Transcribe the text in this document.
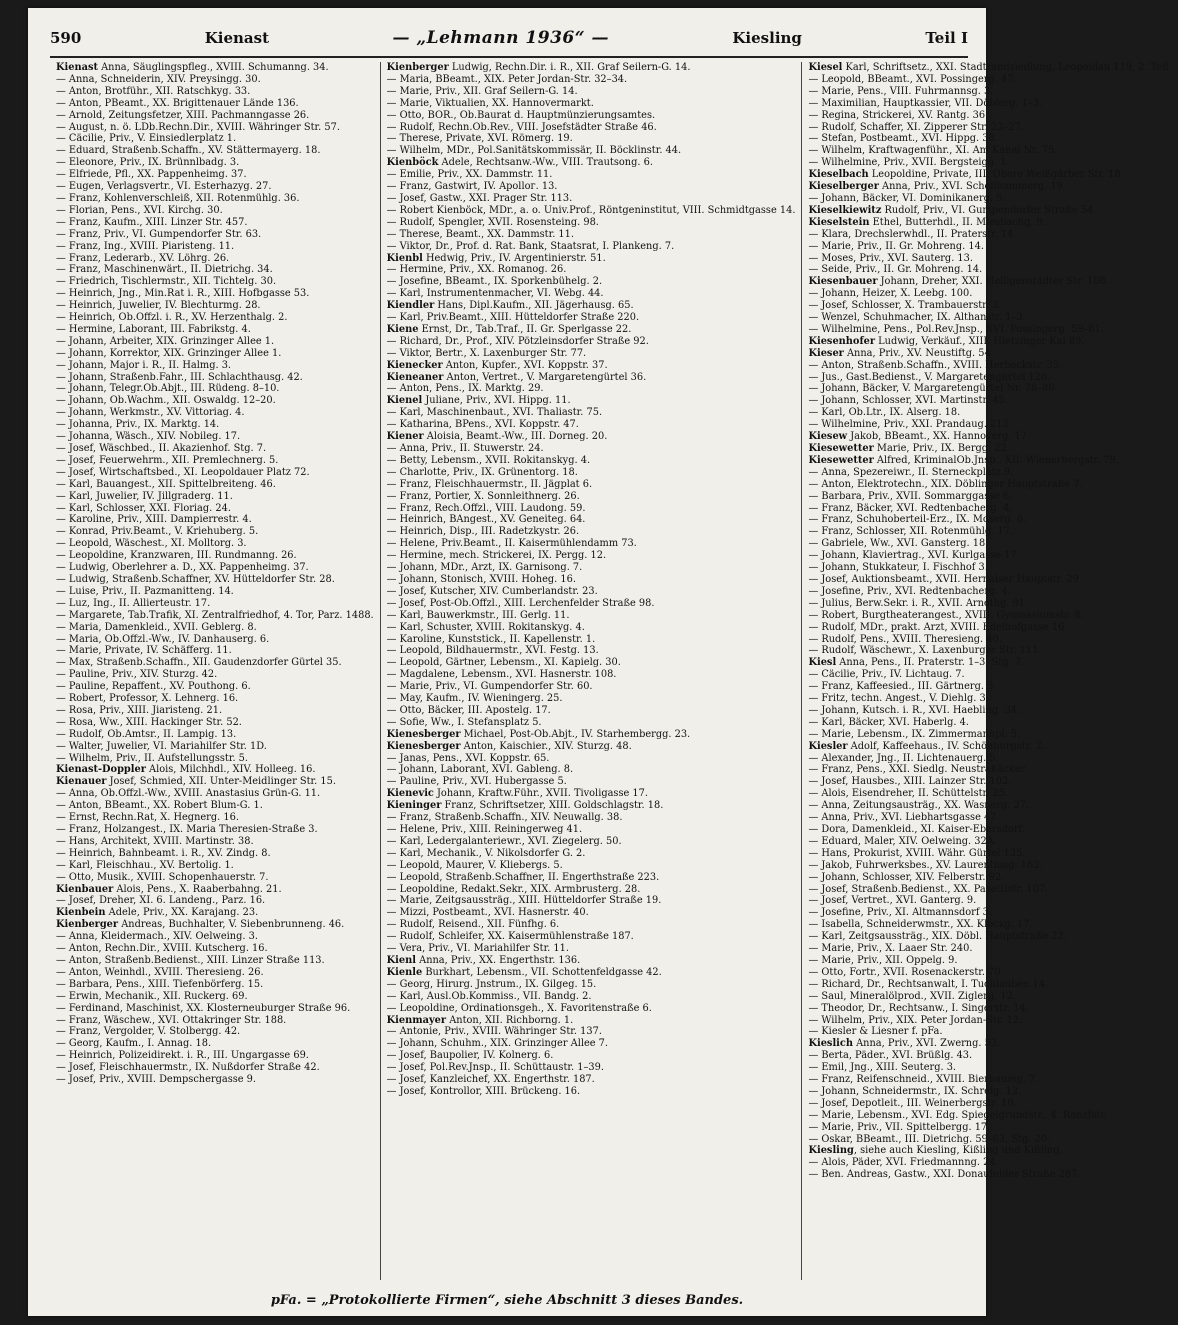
590	Kienast	— „Lehmann 1936“ —	Kiesling	Teil I

Kienast Anna, Säuglingspfleg., XVIII. Schumanng. 34.

— Anna, Schneiderin, XIV. Preysingg. 30.

— Anton, Brotführ., XII. Ratschkyg. 33.

— Anton, PBeamt., XX. Brigittenauer Lände 136.

— Arnold, Zeitungsfetzer, XIII. Pachmanngasse 26.

— August, n. ö. LDb.Rechn.Dir., XVIII. Währinger Str. 57.

— Cäcilie, Priv., V. Einsiedlerplatz 1.

— Eduard, Straßenb.Schaffn., XV. Stättermayerg. 18.

— Eleonore, Priv., IX. Brünnlbadg. 3.

— Elfriede, Pfl., XX. Pappenheimg. 37.

— Eugen, Verlagsvertr., VI. Esterhazyg. 27.

— Franz, Kohlenverschleiß, XII. Rotenmühlg. 36.

— Florian, Pens., XVI. Kirchg. 30.

— Franz, Kaufm., XIII. Linzer Str. 457.

— Franz, Priv., VI. Gumpendorfer Str. 63.

— Franz, Ing., XVIII. Piaristeng. 11.

— Franz, Lederarb., XV. Löhrg. 26.

— Franz, Maschinenwärt., II. Dietrichg. 34.

— Friedrich, Tischlermstr., XII. Tichtelg. 30.

— Heinrich, Jng., Min.Rat i. R., XIII. Hofbgasse 53.

— Heinrich, Juwelier, IV. Blechturmg. 28.

— Heinrich, Ob.Offzl. i. R., XV. Herzenthalg. 2.

— Hermine, Laborant, III. Fabrikstg. 4.

— Johann, Arbeiter, XIX. Grinzinger Allee 1.

— Johann, Korrektor, XIX. Grinzinger Allee 1.

— Johann, Major i. R., II. Halmg. 3.

— Johann, Straßenb.Fahr., III. Schlachthausg. 42.

— Johann, Telegr.Ob.Abjt., III. Rüdeng. 8–10.

— Johann, Ob.Wachm., XII. Oswaldg. 12–20.

— Johann, Werkmstr., XV. Vittoriag. 4.

— Johanna, Priv., IX. Marktg. 14.

— Johanna, Wäsch., XIV. Nobileg. 17.

— Josef, Wäschbed., II. Akazienhof. Stg. 7.

— Josef, Feuerwehrm., XII. Premlechnerg. 5.

— Josef, Wirtschaftsbed., XI. Leopoldauer Platz 72.

— Karl, Bauangest., XII. Spittelbreiteng. 46.

— Karl, Juwelier, IV. Jillgraderg. 11.

— Karl, Schlosser, XXI. Floriag. 24.

— Karoline, Priv., XIII. Dampierrestr. 4.

— Konrad, Priv.Beamt., V. Kriehuberg. 5.

— Leopold, Wäschest., XI. Molltorg. 3.

— Leopoldine, Kranzwaren, III. Rundmanng. 26.

— Ludwig, Oberlehrer a. D., XX. Pappenheimg. 37.

— Ludwig, Straßenb.Schaffner, XV. Hütteldorfer Str. 28.

— Luise, Priv., II. Pazmanitteng. 14.

— Luz, Ing., II. Allierteustr. 17.

— Margarete, Tab.Trafik, XI. Zentralfriedhof, 4. Tor, Parz. 1488.

— Maria, Damenkleid., XVII. Geblerg. 8.

— Maria, Ob.Offzl.-Ww., IV. Danhauserg. 6.

— Marie, Private, IV. Schäfferg. 11.

— Max, Straßenb.Schaffn., XII. Gaudenzdorfer Gürtel 35.

— Pauline, Priv., XIV. Sturzg. 42.

— Pauline, Repaffent., XV. Pouthong. 6.

— Robert, Professor, X. Lehnerg. 16.

— Rosa, Priv., XIII. Jiaristeng. 21.

— Rosa, Ww., XIII. Hackinger Str. 52.

— Rudolf, Ob.Amtsr., II. Lampig. 13.

— Walter, Juwelier, VI. Mariahilfer Str. 1D.

— Wilhelm, Priv., II. Aufstellungsstr. 5.

Kienast-Doppler Alois, Milchhdl., XIV. Holleeg. 16.

Kienauer Josef, Schmied, XII. Unter-Meidlinger Str. 15.

— Anna, Ob.Offzl.-Ww., XVIII. Anastasius Grün-G. 11.

— Anton, BBeamt., XX. Robert Blum-G. 1.

— Ernst, Rechn.Rat, X. Hegnerg. 16.

— Franz, Holzangest., IX. Maria Theresien-Straße 3.

— Hans, Architekt, XVIII. Martinstr. 38.

— Heinrich, Bahnbeamt. i. R., XV. Zindg. 8.

— Karl, Fleischhau., XV. Bertolig. 1.

— Otto, Musik., XVIII. Schopenhauerstr. 7.

Kienbauer Alois, Pens., X. Raaberbahng. 21.

— Josef, Dreher, XI. 6. Landeng., Parz. 16.

Kienbein Adele, Priv., XX. Karajang. 23.

Kienberger Andreas, Buchhalter, V. Siebenbrunneng. 46.

— Anna, Kleidermach., XIV. Oelweing. 3.

— Anton, Rechn.Dir., XVIII. Kutscherg. 16.

— Anton, Straßenb.Bedienst., XIII. Linzer Straße 113.

— Anton, Weinhdl., XVIII. Theresieng. 26.

— Barbara, Pens., XIII. Tiefenbörferg. 15.

— Erwin, Mechanik., XII. Ruckerg. 69.

— Ferdinand, Maschinist, XX. Klosterneuburger Straße 96.

— Franz, Wäschew., XVI. Ottakringer Str. 188.

— Franz, Vergolder, V. Stolbergg. 42.

— Georg, Kaufm., I. Annag. 18.

— Heinrich, Polizeidirekt. i. R., III. Ungargasse 69.

— Josef, Fleischhauermstr., IX. Nußdorfer Straße 42.

— Josef, Priv., XVIII. Dempschergasse 9.

Kienberger Ludwig, Rechn.Dir. i. R., XII. Graf Seilern-G. 14.

— Maria, BBeamt., XIX. Peter Jordan-Str. 32–34.

— Marie, Priv., XII. Graf Seilern-G. 14.

— Marie, Viktualien, XX. Hannovermarkt.

— Otto, BOR., Ob.Baurat d. Hauptmünzierungsamtes.

— Rudolf, Rechn.Ob.Rev., VIII. Josefstädter Straße 46.

— Therese, Private, XVI. Römerg. 19.

— Wilhelm, MDr., Pol.Sanitätskommissär, II. Böcklinstr. 44.

Kienböck Adele, Rechtsanw.-Ww., VIII. Trautsong. 6.

— Emilie, Priv., XX. Dammstr. 11.

— Franz, Gastwirt, IV. Apolloг. 13.

— Josef, Gastw., XXI. Prager Str. 113.

— Robert Kienböck, MDr., a. o. Univ.Prof., Röntgeninstitut, VIII. Schmidtgasse 14.

— Rudolf, Spengler, XVII. Rosensteing. 98.

— Therese, Beamt., XX. Dammstr. 11.

— Viktor, Dr., Prof. d. Rat. Bank, Staatsrat, I. Plankeng. 7.

Kienbl Hedwig, Priv., IV. Argentinierstr. 51.

— Hermine, Priv., XX. Romanog. 26.

— Josefine, BBeamt., IX. Sporkenbühelg. 2.

— Karl, Instrumentenmacher, VI. Webg. 44.

Kiendler Hans, Dipl.Kaufm., XII. Jägerhausg. 65.

— Karl, Priv.Beamt., XIII. Hütteldorfer Straße 220.

Kiene Ernst, Dr., Tab.Traf., II. Gr. Sperlgasse 22.

— Richard, Dr., Prof., XIV. Pötzleinsdorfer Straße 92.

— Viktor, Bertr., X. Laxenburger Str. 77.

Kienecker Anton, Kupfer., XVI. Koppstr. 37.

Kieneaner Anton, Vertret., V. Margaretengürtel 36.

— Anton, Pens., IX. Marktg. 29.

Kienel Juliane, Priv., XVI. Hippg. 11.

— Karl, Maschinenbaut., XVI. Thaliastr. 75.

— Katharina, BPens., XVI. Koppstr. 47.

Kiener Aloisia, Beamt.-Ww., III. Dorneg. 20.

— Anna, Priv., II. Stuwerstr. 24.

— Betty, Lebensm., XVII. Rokitanskyg. 4.

— Charlotte, Priv., IX. Grünentorg. 18.

— Franz, Fleischhauermstr., II. Jägplat 6.

— Franz, Portier, X. Sonnleithnerg. 26.

— Franz, Rech.Offzl., VIII. Laudong. 59.

— Heinrich, BAngest., XV. Geneiteg. 64.

— Heinrich, Disp., III. Radetzkystr. 26.

— Helene, Priv.Beamt., II. Kaisermühlendamm 73.

— Hermine, mech. Strickerei, IX. Pergg. 12.

— Johann, MDr., Arzt, IX. Garnisong. 7.

— Johann, Stonisch, XVIII. Hoheg. 16.

— Josef, Kutscher, XIV. Cumberlandstr. 23.

— Josef, Post-Ob.Offzl., XIII. Lerchenfelder Straße 98.

— Karl, Bauwerkmstr., III. Gerlg. 11.

— Karl, Schuster, XVIII. Rokitanskyg. 4.

— Karoline, Kunststick., II. Kapellenstr. 1.

— Leopold, Bildhauermstr., XVI. Festg. 13.

— Leopold, Gärtner, Lebensm., XI. Kapielg. 30.

— Magdalene, Lebensm., XVI. Hasnerstr. 108.

— Marie, Priv., VI. Gumpendorfer Str. 60.

— May, Kaufm., IV. Wieningerg. 25.

— Otto, Bäcker, III. Apostelg. 17.

— Sofie, Ww., I. Stefansplatz 5.

Kienesberger Michael, Post-Ob.Abjt., IV. Starhembergg. 23.

Kienesberger Anton, Kaischier., XIV. Sturzg. 48.

— Janas, Pens., XVI. Koppstr. 65.

— Johann, Laborant, XVI. Gableng. 8.

— Pauline, Priv., XVI. Hubergasse 5.

Kienevic Johann, Kraftw.Führ., XVII. Tivoligasse 17.

Kieninger Franz, Schriftsetzer, XIII. Goldschlagstr. 18.

— Franz, Straßenb.Schaffn., XIV. Neuwallg. 38.

— Helene, Priv., XIII. Reiningerweg 41.

— Karl, Ledergalanteriewr., XVI. Ziegelerg. 50.

— Karl, Mechanik., V. Nikolsdorfer G. 2.

— Leopold, Maurer, V. Kliebergs. 5.

— Leopold, Straßenb.Schaffner, II. Engerthstraße 223.

— Leopoldine, Redakt.Sekr., XIX. Armbrusterg. 28.

— Marie, Zeitgsaussträg., XIII. Hütteldorfer Straße 19.

— Mizzi, Postbeamt., XVI. Hasnerstr. 40.

— Rudolf, Reisend., XII. Fünfhg. 6.

— Rudolf, Schleifer, XX. Kaisermühlenstraße 187.

— Vera, Priv., VI. Mariahilfer Str. 11.

Kienl Anna, Priv., XX. Engerthstr. 136.

Kienle Burkhart, Lebensm., VII. Schottenfeldgasse 42.

— Georg, Hirurg. Jnstrum., IX. Gilgeg. 15.

— Karl, Ausl.Ob.Kommiss., VII. Bandg. 2.

— Leopoldine, Ordinationsgeh., X. Favoritenstraße 6.

Kienmayer Anton, XII. Richborng. 1.

— Antonie, Priv., XVIII. Währinger Str. 137.

— Johann, Schuhm., XIX. Grinzinger Allee 7.

— Josef, Baupolier, IV. Kolnerg. 6.

— Josef, Pol.Rev.Jnsp., II. Schüttaustr. 1–39.

— Josef, Kanzleichef, XX. Engerthstr. 187.

— Josef, Kontrollor, XIII. Brückeng. 16.

Kiesel Karl, Schriftsetz., XXI. Stadtrandsiedlung, Leopoldau 119, 2. Teil.

— Leopold, BBeamt., XVI. Possingerg. 47.

— Marie, Pens., VIII. Fuhrmannsg. 3.

— Maximilian, Hauptkassier, VII. Döblerg. 1–3.

— Regina, Strickerei, XV. Rantg. 36.

— Rudolf, Schaffer, XI. Zipperer Str. 23–27.

— Stefan, Postbeamt., XVI. Hippg. 38.

— Wilhelm, Kraftwagenführ., XI. Am Kanal Nr. 75.

— Wilhelmine, Priv., XVII. Bergsteigg. 1.

Kieselbach Leopoldine, Private, III. Obere Weißgärber Str. 18.

Kieselberger Anna, Priv., XVI. Schellhammerg. 19.

— Johann, Bäcker, VI. Dominikanerg. 5.

Kieselkiewitz Rudolf, Priv., VI. Gumpendorfer Straße 54.

Kieselstein Ethel, Butterhdl., II. Miesbachg. 9.

— Klara, Drechslerwhdl., II. Praterstr. 14.

— Marie, Priv., II. Gr. Mohreng. 14.

— Moses, Priv., XVI. Sauterg. 13.

— Seide, Priv., II. Gr. Mohreng. 14.

Kiesenbauer Johann, Dreher, XXI. Heiligenstädter Str. 108.

— Johann, Heizer, X. Leebg. 100.

— Josef, Schlosser, X. Trambauerstr. 3.

— Wenzel, Schuhmacher, IX. Althanstr. 1–3.

— Wilhelmine, Pens., Pol.Rev.Jnsp., XVI. Possingerg. 59–61.

Kiesenhofer Ludwig, Verkäuf., XIII. Hietzinger Kai 89.

Kieser Anna, Priv., XV. Neustiftg. 54.

— Anton, Straßenb.Schaffn., XVIII. Herbeckstr. 35.

— Jus., Gast.Bedienst., V. Margaretengürtel 126.

— Johann, Bäcker, V. Margaretengürtel Nr. 76–80.

— Johann, Schlosser, XVI. Martinstr. 45.

— Karl, Ob.Ltr., IX. Alserg. 18.

— Wilhelmine, Priv., XXI. Prandaug. 213.

Kiesew Jakob, BBeamt., XX. Hannoverg. 17.

Kiesewetter Marie, Priv., IX. Bergg. 22.

Kiesewetter Alfred, KriminalOb.Jnsp., XII. Wienerbergstr. 79.

— Anna, Spezereiwr., II. Sterneckplatz 9.

— Anton, Elektrotechn., XIX. Döblinger Hauptstraße 7.

— Barbara, Priv., XVII. Sommarggasse 6.

— Franz, Bäcker, XVI. Redtenbacherg. 4.

— Franz, Schuhoberteil-Erz., IX. Moserg. 6.

— Franz, Schlosser, XII. Rotenmühlg. 17.

— Gabriele, Ww., XVI. Gansterg. 18.

— Johann, Klaviertrag., XVI. Kurlgasse 17.

— Johann, Stukkateur, I. Fischhof 3.

— Josef, Auktionsbeamt., XVII. Hernalser Hauptstr. 29.

— Josefine, Priv., XVI. Redtenbacherg. 4.

— Julius, Berw.Sekr. i. R., XVII. Arnethg. 91.

— Robert, Burgtheaterangest., XVIII. Gymnasiumstr. 8.

— Rudolf, MDr., prakt. Arzt, XVIII. Edelhofgasse 16.

— Rudolf, Pens., XVIII. Theresieng. 40.

— Rudolf, Wäschewr., X. Laxenburger Str. 111.

Kiesl Anna, Pens., II. Praterstr. 1–3, Stg. 7.

— Cäcilie, Priv., IV. Lichtaug. 7.

— Franz, Kaffeesied., III. Gärtnerg. 5.

— Fritz, techn. Angest., V. Diehlg. 3.

— Johann, Kutsch. i. R., XVI. Haebling. 34.

— Karl, Bäcker, XVI. Haberlg. 4.

— Marie, Lebensm., IX. Zimmermannpl. 5.

Kiesler Adolf, Kaffeehaus., IV. Schönburgstr. 2.

— Alexander, Jng., II. Lichtenauerg. 5.

— Franz, Pens., XXI. Siedlg. Neustraßäcker.

— Josef, Hausbes., XIII. Lainzer Str. 102.

— Alois, Eisendreher, II. Schüttelstr. 25.

— Anna, Zeitungsausträg., XX. Wasnerg. 27.

— Anna, Priv., XVI. Liebhartsgasse 47.

— Dora, Damenkleid., XI. Kaiser-Ebersdorf.

— Eduard, Maler, XIV. Oelweing. 32A.

— Hans, Prokurist, XVIII. Währ. Gürtel 135.

— Jakob, Fuhrwerksbes., XV. Laurentiusg. 162.

— Johann, Schlosser, XIV. Felberstr. 92.

— Josef, Straßenb.Bedienst., XX. Pasettistr. 107.

— Josef, Vertret., XVI. Ganterg. 9.

— Josefine, Priv., XI. Altmannsdorf 3.

— Isabella, Schneiderwmstr., XX. Klockg. 17.

— Karl, Zeitgsaussträg., XIX. Döbl. Hauptstraße 22.

— Marie, Priv., X. Laaer Str. 240.

— Marie, Priv., XII. Oppelg. 9.

— Otto, Fortr., XVII. Rosenackerstr. 70.

— Richard, Dr., Rechtsanwalt, I. Tuchlauben 14.

— Saul, Mineralölprod., XVII. Ziglerg. 12.

— Theodor, Dr., Rechtsanw., I. Singerstr. 14.

— Wilhelm, Priv., XIX. Peter Jordan-Str. 12.

— Kiesler & Liesner f. pFa.

Kieslich Anna, Priv., XVI. Zwerng. 53.

— Berta, Päder., XVI. Brüßlg. 43.

— Emil, Jng., XIII. Seuterg. 3.

— Franz, Reifenschneid., XVIII. Bierbaumg. 7.

— Johann, Schneidermstr., IX. Schreig. 12.

— Josef, Depotleit., III. Weinerbergstr. 10.

— Marie, Lebensm., XVI. Edg. Spiegelgrundstr., 4. Ranzfstr.

— Marie, Priv., VII. Spittelbergg. 17.

— Oskar, BBeamt., III. Dietrichg. 59–63, Stg. 20.

Kiesling, siehe auch Kiesling, Kißling und Kißling.

— Alois, Päder, XVI. Friedmannng. 24.

— Ben. Andreas, Gastw., XXI. Donaufelder Straße 267.

pFa. = „Protokollierte Firmen“, siehe Abschnitt 3 dieses Bandes.
